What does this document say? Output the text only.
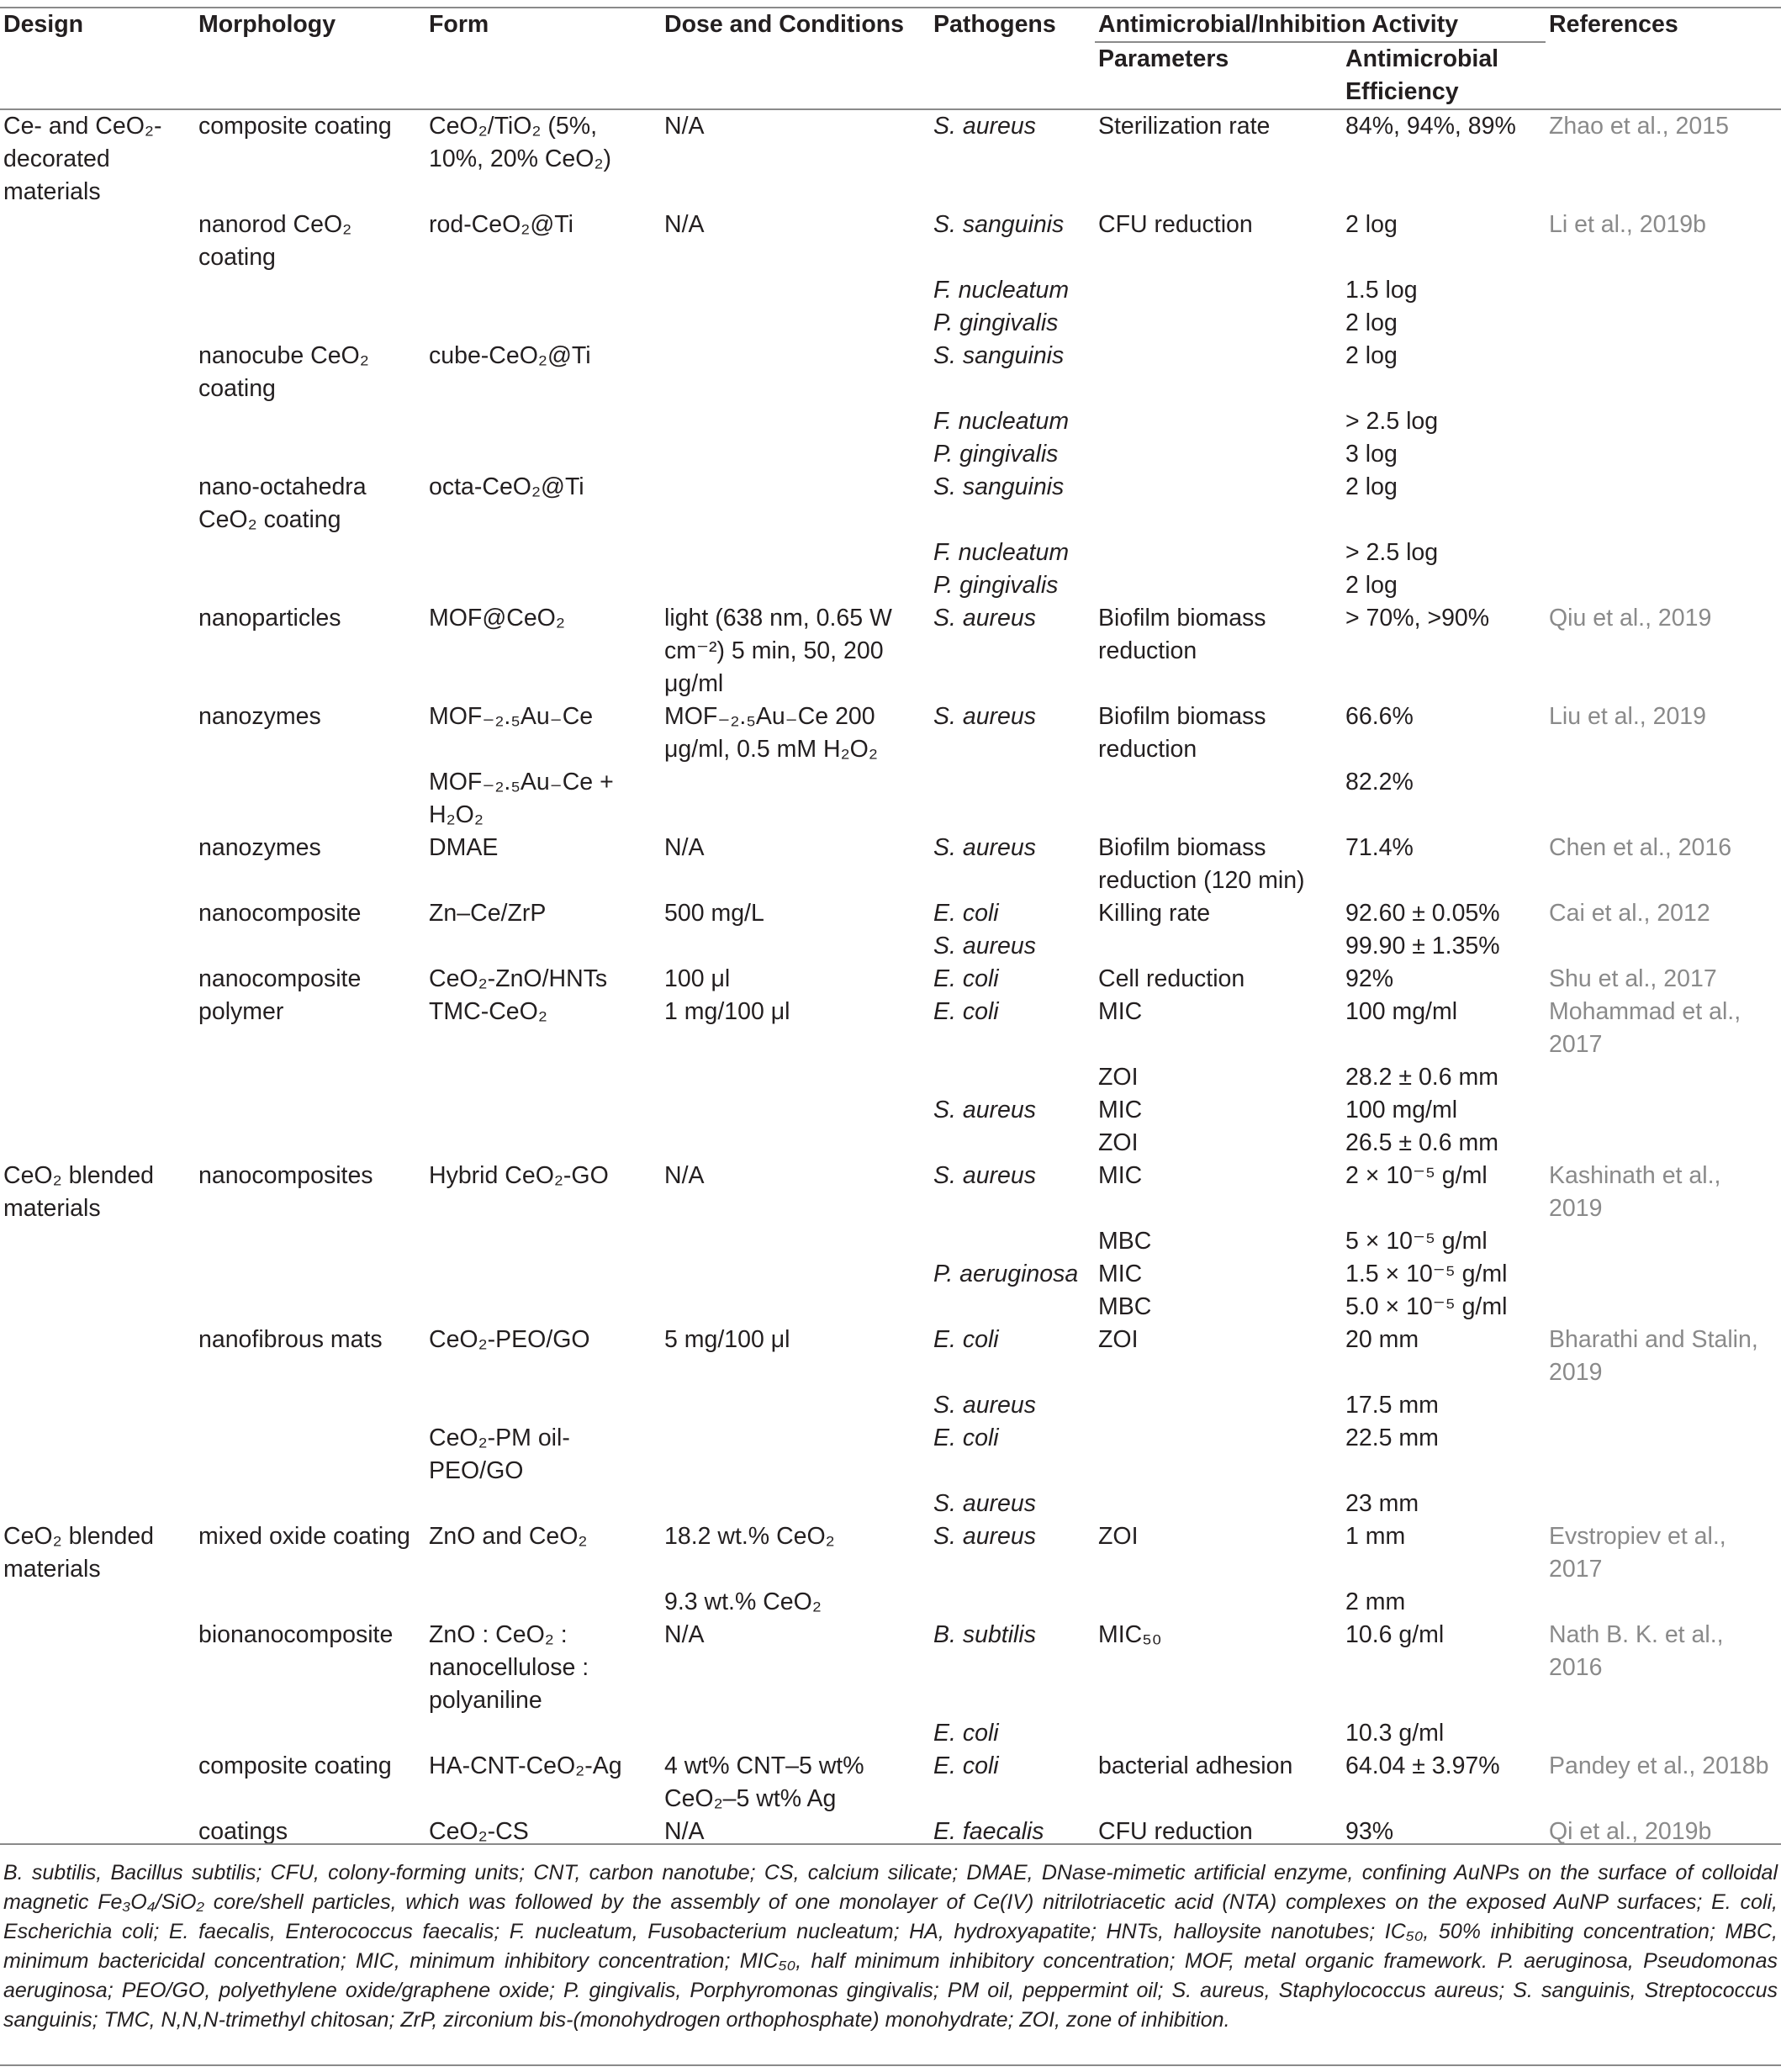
Design	Morphology	Form	Dose and Conditions	Pathogens	Antimicrobial/Inhibition Activity		References
					Parameters	Antimicrobial Efficiency	
Ce- and CeO₂-decorated materials	composite coating	CeO₂/TiO₂ (5%, 10%, 20% CeO₂)	N/A	S. aureus	Sterilization rate	84%, 94%, 89%	Zhao et al., 2015
	nanorod CeO₂ coating	rod-CeO₂@Ti	N/A	S. sanguinis	CFU reduction	2 log	Li et al., 2019b
				F. nucleatum		1.5 log	
				P. gingivalis		2 log	
	nanocube CeO₂ coating	cube-CeO₂@Ti		S. sanguinis		2 log	
				F. nucleatum		> 2.5 log	
				P. gingivalis		3 log	
	nano-octahedra CeO₂ coating	octa-CeO₂@Ti		S. sanguinis		2 log	
				F. nucleatum		> 2.5 log	
				P. gingivalis		2 log	
	nanoparticles	MOF@CeO₂	light (638 nm, 0.65 W cm⁻²) 5 min, 50, 200 μg/ml	S. aureus	Biofilm biomass reduction	> 70%, >90%	Qiu et al., 2019
	nanozymes	MOF₋₂.₅Au₋Ce	MOF₋₂.₅Au₋Ce 200 μg/ml, 0.5 mM H₂O₂	S. aureus	Biofilm biomass reduction	66.6%	Liu et al., 2019
		MOF₋₂.₅Au₋Ce + H₂O₂				82.2%	
	nanozymes	DMAE	N/A	S. aureus	Biofilm biomass reduction (120 min)	71.4%	Chen et al., 2016
	nanocomposite	Zn–Ce/ZrP	500 mg/L	E. coli	Killing rate	92.60 ± 0.05%	Cai et al., 2012
				S. aureus		99.90 ± 1.35%	
	nanocomposite	CeO₂-ZnO/HNTs	100 μl	E. coli	Cell reduction	92%	Shu et al., 2017
	polymer	TMC-CeO₂	1 mg/100 μl	E. coli	MIC	100 mg/ml	Mohammad et al., 2017
					ZOI	28.2 ± 0.6 mm	
				S. aureus	MIC	100 mg/ml	
					ZOI	26.5 ± 0.6 mm	
CeO₂ blended materials	nanocomposites	Hybrid CeO₂-GO	N/A	S. aureus	MIC	2 × 10⁻⁵ g/ml	Kashinath et al., 2019
					MBC	5 × 10⁻⁵ g/ml	
				P. aeruginosa	MIC	1.5 × 10⁻⁵ g/ml	
					MBC	5.0 × 10⁻⁵ g/ml	
	nanofibrous mats	CeO₂-PEO/GO	5 mg/100 μl	E. coli	ZOI	20 mm	Bharathi and Stalin, 2019
				S. aureus		17.5 mm	
		CeO₂-PM oil-PEO/GO		E. coli		22.5 mm	
				S. aureus		23 mm	
CeO₂ blended materials	mixed oxide coating	ZnO and CeO₂	18.2 wt.% CeO₂	S. aureus	ZOI	1 mm	Evstropiev et al., 2017
			9.3 wt.% CeO₂			2 mm	
	bionanocomposite	ZnO : CeO₂ : nanocellulose : polyaniline	N/A	B. subtilis	MIC₅₀	10.6 g/ml	Nath B. K. et al., 2016
				E. coli		10.3 g/ml	
	composite coating	HA-CNT-CeO₂-Ag	4 wt% CNT–5 wt% CeO₂–5 wt% Ag	E. coli	bacterial adhesion	64.04 ± 3.97%	Pandey et al., 2018b
	coatings	CeO₂-CS	N/A	E. faecalis	CFU reduction	93%	Qi et al., 2019b

B. subtilis, Bacillus subtilis; CFU, colony-forming units; CNT, carbon nanotube; CS, calcium silicate; DMAE, DNase-mimetic artificial enzyme, confining AuNPs on the surface of colloidal magnetic Fe₃O₄/SiO₂ core/shell particles, which was followed by the assembly of one monolayer of Ce(IV) nitrilotriacetic acid (NTA) complexes on the exposed AuNP surfaces; E. coli, Escherichia coli; E. faecalis, Enterococcus faecalis; F. nucleatum, Fusobacterium nucleatum; HA, hydroxyapatite; HNTs, halloysite nanotubes; IC₅₀, 50% inhibiting concentration; MBC, minimum bactericidal concentration; MIC, minimum inhibitory concentration; MIC₅₀, half minimum inhibitory concentration; MOF, metal organic framework. P. aeruginosa, Pseudomonas aeruginosa; PEO/GO, polyethylene oxide/graphene oxide; P. gingivalis, Porphyromonas gingivalis; PM oil, peppermint oil; S. aureus, Staphylococcus aureus; S. sanguinis, Streptococcus sanguinis; TMC, N,N,N-trimethyl chitosan; ZrP, zirconium bis-(monohydrogen orthophosphate) monohydrate; ZOI, zone of inhibition.
